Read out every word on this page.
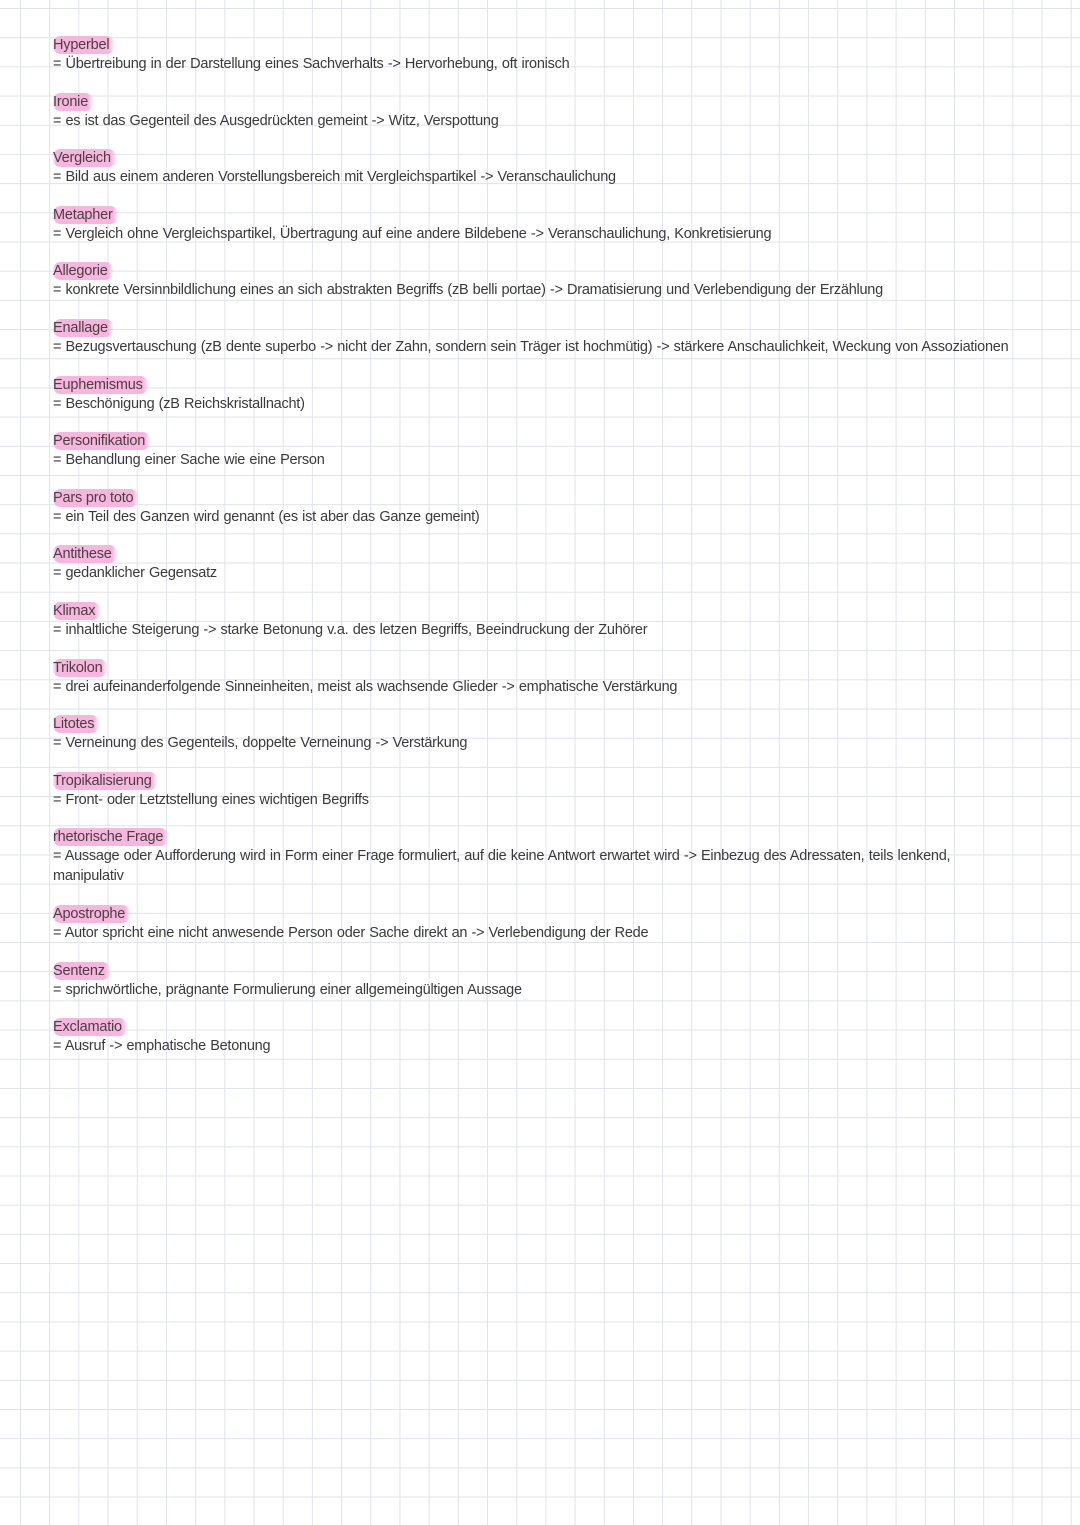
Hyperbel
= Übertreibung in der Darstellung eines Sachverhalts -> Hervorhebung, oft ironisch
Ironie
= es ist das Gegenteil des Ausgedrückten gemeint -> Witz, Verspottung
Vergleich
= Bild aus einem anderen Vorstellungsbereich mit Vergleichspartikel -> Veranschaulichung
Metapher
= Vergleich ohne Vergleichspartikel, Übertragung auf eine andere Bildebene -> Veranschaulichung, Konkretisierung
Allegorie
= konkrete Versinnbildlichung eines an sich abstrakten Begriffs (zB belli portae) -> Dramatisierung und Verlebendigung der Erzählung
Enallage
= Bezugsvertauschung (zB dente superbo -> nicht der Zahn, sondern sein Träger ist hochmütig) -> stärkere Anschaulichkeit, Weckung von Assoziationen
Euphemismus
= Beschönigung (zB Reichskristallnacht)
Personifikation
= Behandlung einer Sache wie eine Person
Pars pro toto
= ein Teil des Ganzen wird genannt (es ist aber das Ganze gemeint)
Antithese
= gedanklicher Gegensatz
Klimax
= inhaltliche Steigerung -> starke Betonung v.a. des letzen Begriffs, Beeindruckung der Zuhörer
Trikolon
= drei aufeinanderfolgende Sinneinheiten, meist als wachsende Glieder -> emphatische Verstärkung
Litotes
= Verneinung des Gegenteils, doppelte Verneinung -> Verstärkung
Tropikalisierung
= Front- oder Letztstellung eines wichtigen Begriffs
rhetorische Frage
= Aussage oder Aufforderung wird in Form einer Frage formuliert, auf die keine Antwort erwartet wird -> Einbezug des Adressaten, teils lenkend, manipulativ
Apostrophe
= Autor spricht eine nicht anwesende Person oder Sache direkt an -> Verlebendigung der Rede
Sentenz
= sprichwörtliche, prägnante Formulierung einer allgemeingültigen Aussage
Exclamatio
= Ausruf -> emphatische Betonung
